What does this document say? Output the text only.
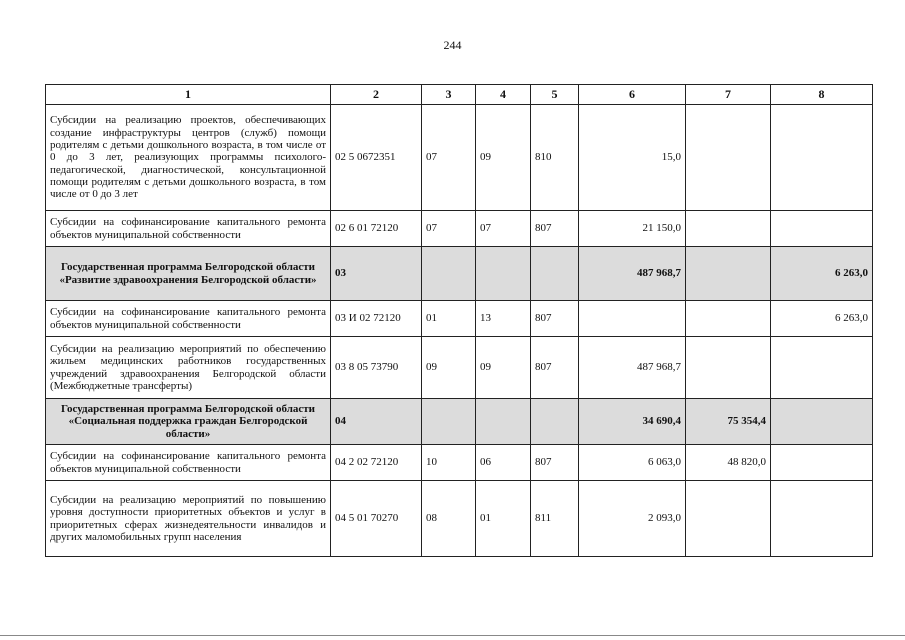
244
1	2	3	4	5	6	7	8
Субсидии на реализацию проектов, обеспечивающих создание инфраструктуры центров (служб) помощи родителям с детьми дошкольного возраста, в том числе от 0 до 3 лет, реализующих программы психолого-педагогической, диагностической, консультационной помощи родителям с детьми дошкольного возраста, в том числе от 0 до 3 лет	02 5 0672351	07	09	810	15,0		
Субсидии на софинансирование капитального ремонта объектов муниципальной собственности	02 6 01 72120	07	07	807	21 150,0		
Государственная программа Белгородской области «Развитие здравоохранения Белгородской области»	03				487 968,7		6 263,0
Субсидии на софинансирование капитального ремонта объектов муниципальной собственности	03 И 02 72120	01	13	807			6 263,0
Субсидии на реализацию мероприятий по обеспечению жильем медицинских работников государственных учреждений здравоохранения Белгородской области (Межбюджетные трансферты)	03 8 05 73790	09	09	807	487 968,7		
Государственная программа Белгородской области «Социальная поддержка граждан Белгородской области»	04				34 690,4	75 354,4	
Субсидии на софинансирование капитального ремонта объектов муниципальной собственности	04 2 02 72120	10	06	807	6 063,0	48 820,0	
Субсидии на реализацию мероприятий по повышению уровня доступности приоритетных объектов и услуг в приоритетных сферах жизнедеятельности инвалидов и других маломобильных групп населения	04 5 01 70270	08	01	811	2 093,0		
